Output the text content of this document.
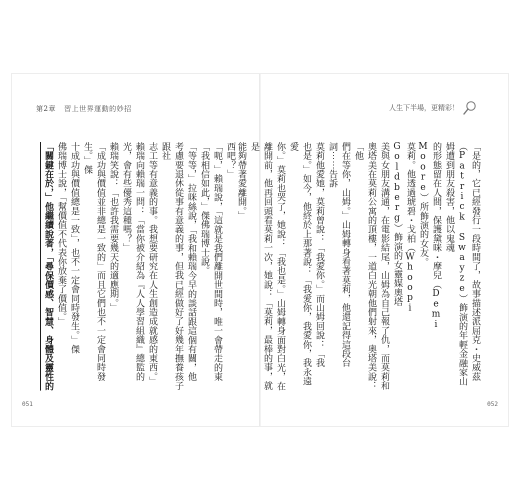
第2章 習上世界運動的妙招

西吧？」

「呃，」賴瑞說，「這就是我們離開世間時，唯一會帶走的東

「我相信如此，」傑佛瑞博士說。

「等等，」拉咪絲說，「我和賴瑞今早的談話跟這個有關，他

考慮要退休從事有意義的事，但我已經做好了好幾年撫養孩子跟社

志工等有意義的事。我想要研究在人生創造成就感的東西。」

賴瑞向賴瑞一問：「當你被介紹為『人人學習組織』總監的

光，會有些優秀這種嗎？」

賴瑞笑說：「也許我需要幾天的適應期。」

「成功與價值並非總是一致的」而且它們也不一定會同時發生。」傑

十成功與價值總是一致」，也不一定會同時發生。」傑

佛瑞博士說，「幫價值不代表你放棄了價值。」

「關鍵在於，」他繼續說著，「尋保價感、智慧、身體及靈性的

051
人生下半場，更精彩！

「是的，它已經發行一段時間了，故事描述派屈克・史威茲

（Patrick Swayze）飾演的年輕金融家山姆遭到朋友殺害，他以鬼魂

的形態留在人間，保護黛咪・摩兒（Demi Moore）所飾演的女友。

莫莉。他透過琥碧・戈柏（Whoopi Goldberg）飾演的女靈媒奧塔

美與女朋友溝通，在電影結尾，山姆為自己報了仇，而莫莉和

奧塔美在莫莉公寓的頂樓，一道白光朝他們射來，奧塔美說：「他

們在等你，山姆。」山姆轉身看著莫莉，他還記得這段台詞⋯⋯告訴

莫莉他愛她，莫莉曾說：「我愛你。」而山姆回說：「我

也是。」如今，他終於上那著說：「我愛你，我愛你，我永遠愛

你。」莫莉也哭了，她說：「我也是。」山姆轉身面對白光，在

離開前，他再回頭看莫莉一次，她說：「莫莉，最棒的事，就是

能夠帶著愛離開。」

052
